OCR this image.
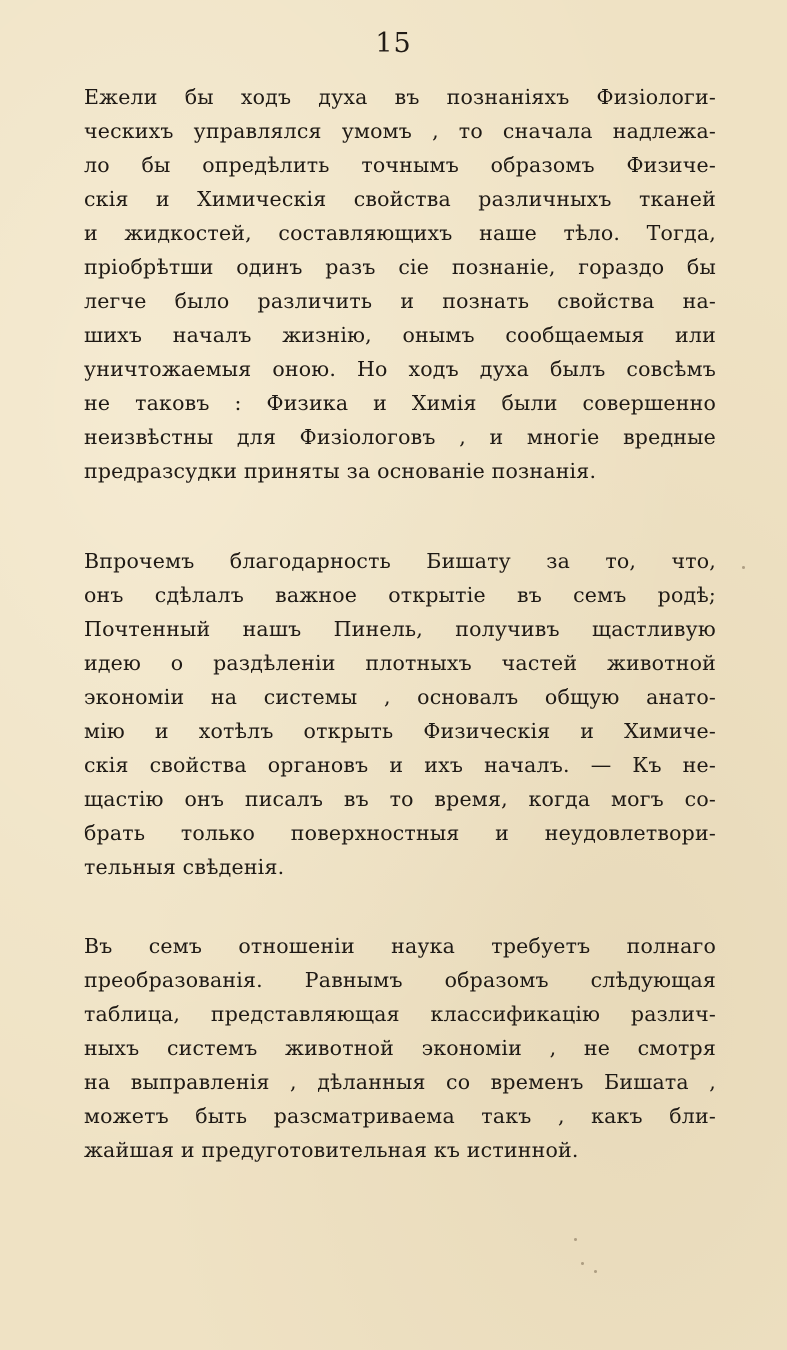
15
Ежели бы ходъ духа въ познаніяхъ Физіологи-
ческихъ управлялся умомъ , то сначала надлежа-
ло бы опредѣлить точнымъ образомъ Физиче-
скія и Химическія свойства различныхъ тканей
и жидкостей, составляющихъ наше тѣло. Тогда,
пріобрѣтши одинъ разъ сіе познаніе, гораздо бы
легче было различить и познать свойства на-
шихъ началъ жизнію, онымъ сообщаемыя или
уничтожаемыя оною. Но ходъ духа былъ совсѣмъ
не таковъ : Физика и Химія были совершенно
неизвѣстны для Физіологовъ , и многіе вредные
предразсудки приняты за основаніе познанія.
Впрочемъ благодарность Бишату за то, что,
онъ сдѣлалъ важное открытіе въ семъ родѣ;
Почтенный нашъ Пинель, получивъ щастливую
идею о раздѣленіи плотныхъ частей животной
экономіи на системы , основалъ общую анато-
мію и хотѣлъ открыть Физическія и Химиче-
скія свойства органовъ и ихъ началъ. — Къ не-
щастію онъ писалъ въ то время, когда могъ со-
брать только поверхностныя и неудовлетвори-
тельныя свѣденія.
Въ семъ отношеніи наука требуетъ полнаго
преобразованія. Равнымъ образомъ слѣдующая
таблица, представляющая классификацію различ-
ныхъ системъ животной экономіи , не смотря
на выправленія , дѣланныя со временъ Бишата ,
можетъ быть разсматриваема такъ , какъ бли-
жайшая и предуготовительная къ истинной.
